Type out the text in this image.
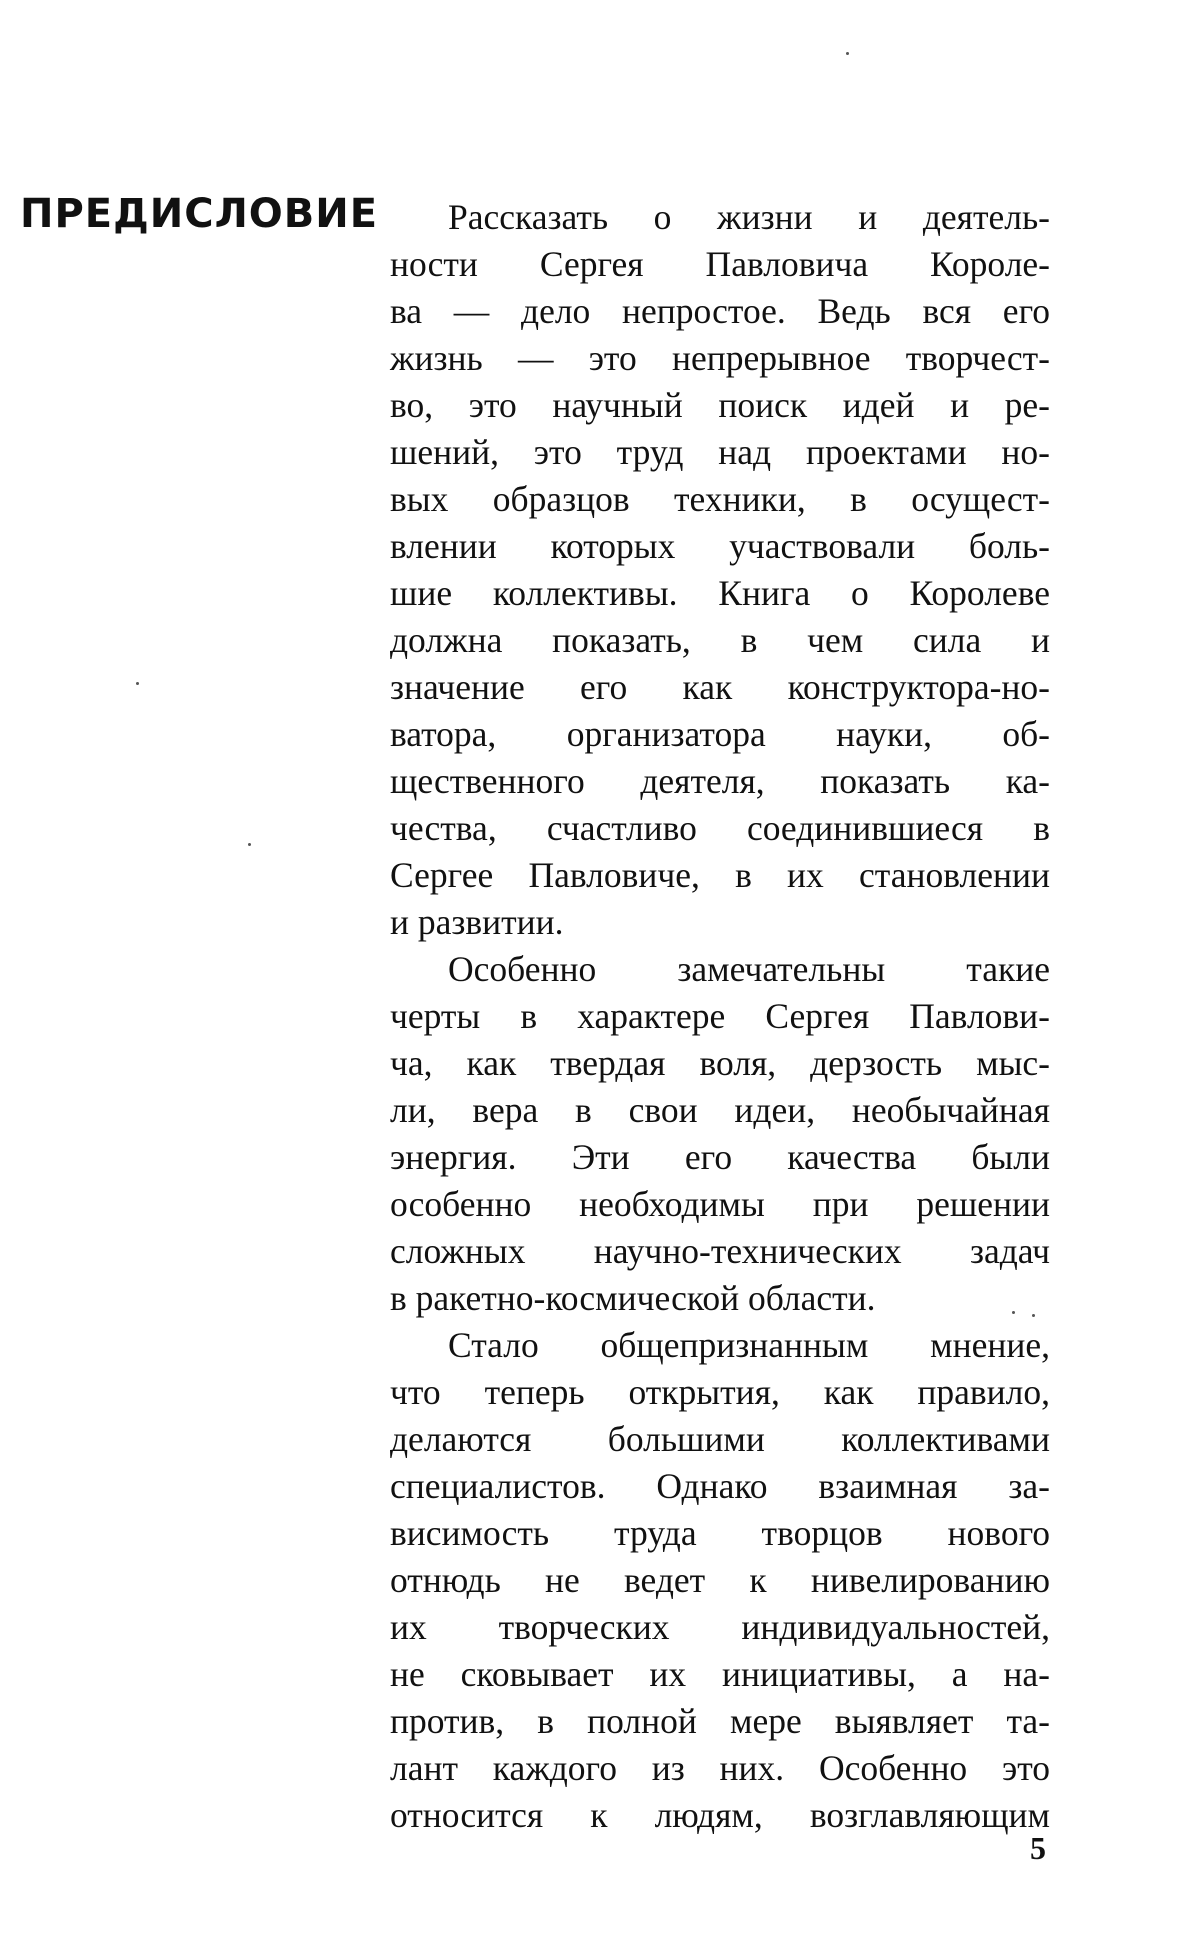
ПРЕДИСЛОВИЕ	Рассказать о жизни и деятель-
ности Сергея Павловича Короле-
ва — дело непростое. Ведь вся его
жизнь — это непрерывное творчест-
во, это научный поиск идей и ре-
шений, это труд над проектами но-
вых образцов техники, в осущест-
влении которых участвовали боль-
шие коллективы. Книга о Королеве
должна показать, в чем сила и
значение его как конструктора-но-
ватора, организатора науки, об-
щественного деятеля, показать ка-
чества, счастливо соединившиеся в
Сергее Павловиче, в их становлении
и развитии.
Особенно замечательны такие
черты в характере Сергея Павлови-
ча, как твердая воля, дерзость мыс-
ли, вера в свои идеи, необычайная
энергия. Эти его качества были
особенно необходимы при решении
сложных научно-технических задач
в ракетно-космической области.
Стало общепризнанным мнение,
что теперь открытия, как правило,
делаются большими коллективами
специалистов. Однако взаимная за-
висимость труда творцов нового
отнюдь не ведет к нивелированию
их творческих индивидуальностей,
не сковывает их инициативы, а на-
против, в полной мере выявляет та-
лант каждого из них. Особенно это
относится к людям, возглавляющим
5
